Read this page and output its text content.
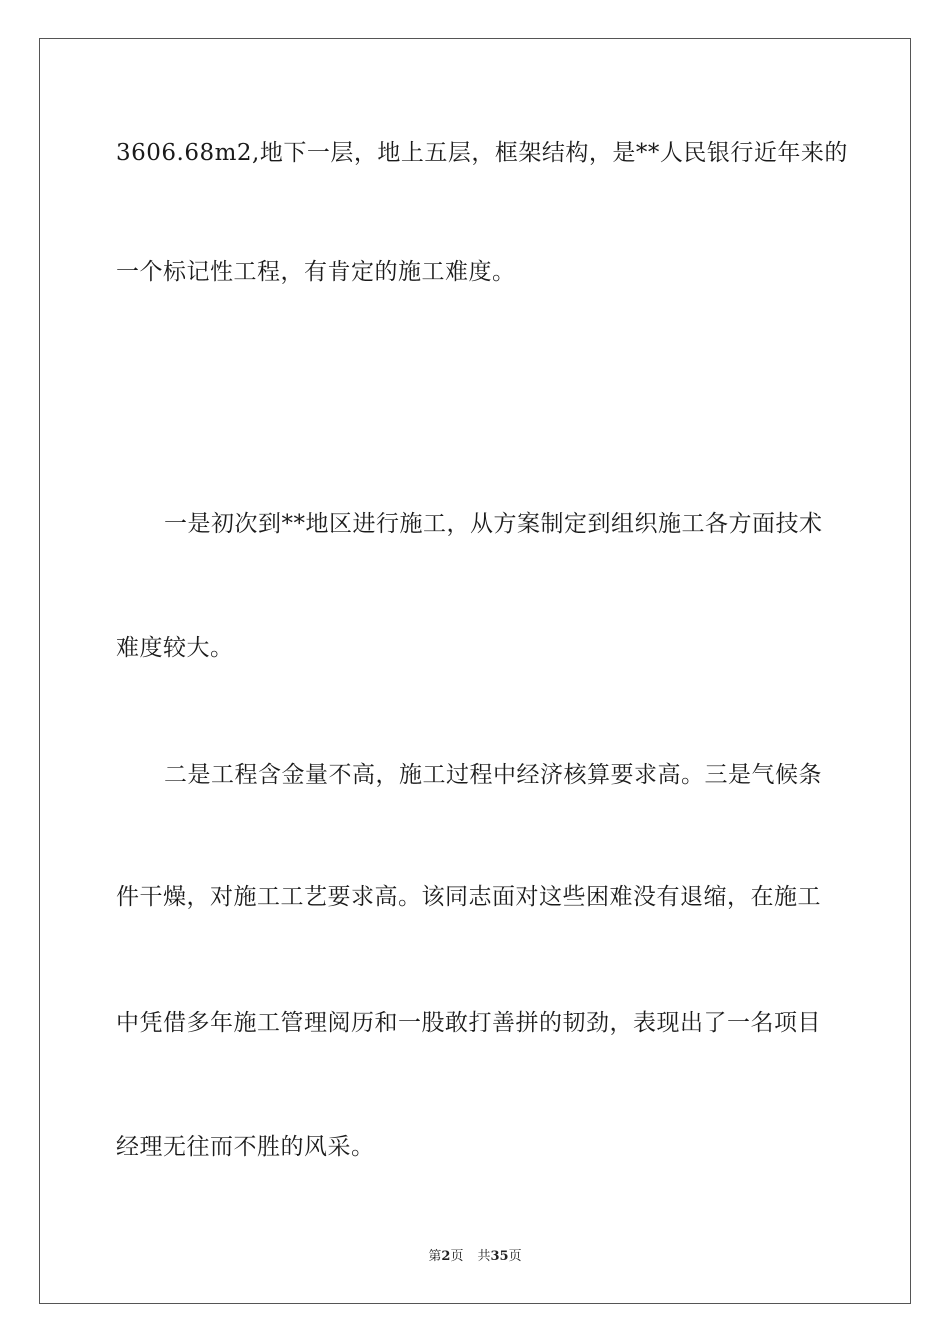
3606.68m2,地下一层，地上五层，框架结构，是**人民银行近年来的
一个标记性工程，有肯定的施工难度。
一是初次到**地区进行施工，从方案制定到组织施工各方面技术
难度较大。
二是工程含金量不高，施工过程中经济核算要求高。三是气候条
件干燥，对施工工艺要求高。该同志面对这些困难没有退缩，在施工
中凭借多年施工管理阅历和一股敢打善拼的韧劲，表现出了一名项目
经理无往而不胜的风采。
第2页 共35页
